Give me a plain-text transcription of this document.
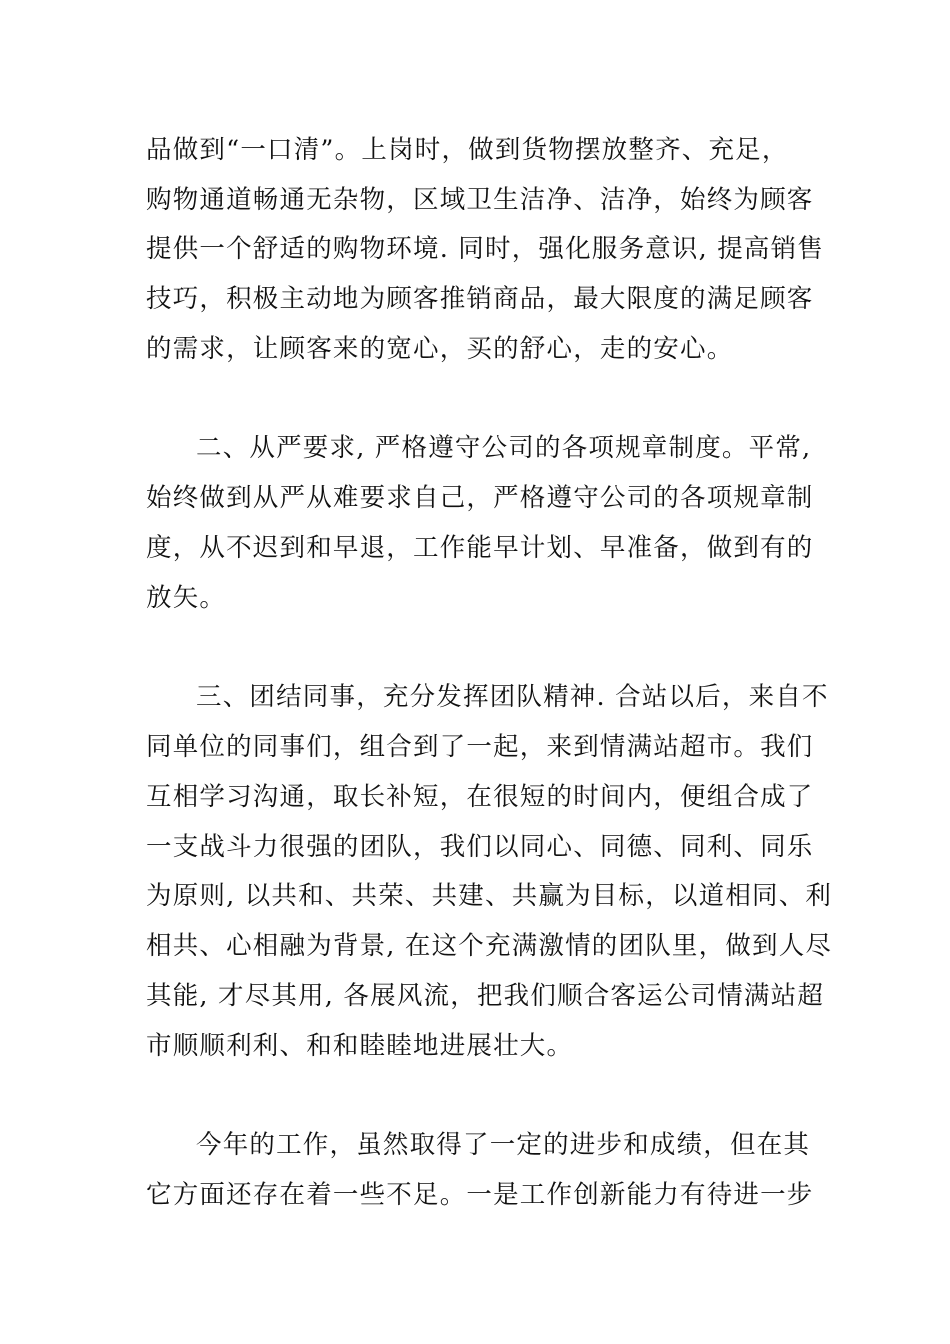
品做到“一口清”。上岗时，做到货物摆放整齐、充足，
购物通道畅通无杂物，区域卫生洁净、洁净，始终为顾客
提供一个舒适的购物环境. 同时，强化服务意识, 提高销售
技巧，积极主动地为顾客推销商品，最大限度的满足顾客
的需求，让顾客来的宽心，买的舒心，走的安心。
二、从严要求, 严格遵守公司的各项规章制度。平常,
始终做到从严从难要求自己，严格遵守公司的各项规章制
度，从不迟到和早退，工作能早计划、早准备，做到有的
放矢。
三、团结同事，充分发挥团队精神. 合站以后，来自不
同单位的同事们，组合到了一起，来到情满站超市。我们
互相学习沟通，取长补短，在很短的时间内，便组合成了
一支战斗力很强的团队，我们以同心、同德、同利、同乐
为原则, 以共和、共荣、共建、共赢为目标，以道相同、利
相共、心相融为背景, 在这个充满激情的团队里，做到人尽
其能, 才尽其用, 各展风流，把我们顺合客运公司情满站超
市顺顺利利、和和睦睦地进展壮大。
今年的工作，虽然取得了一定的进步和成绩，但在其
它方面还存在着一些不足。一是工作创新能力有待进一步
